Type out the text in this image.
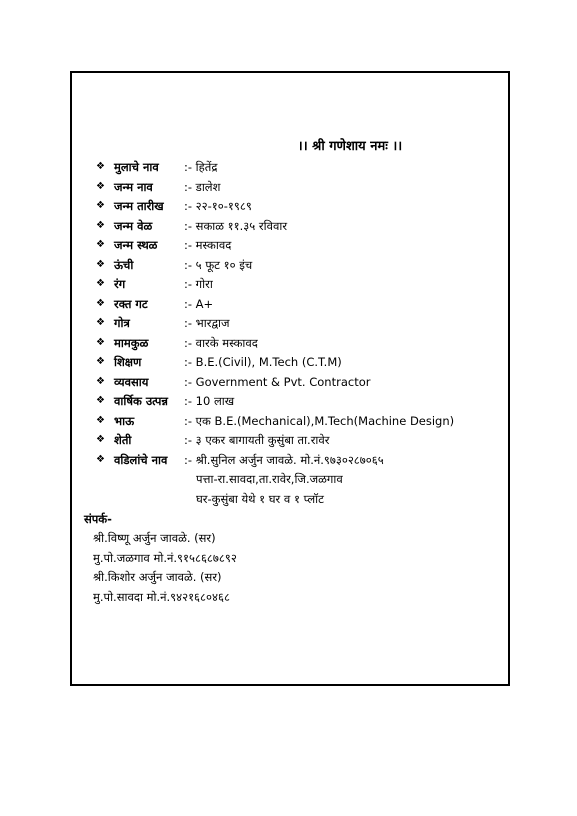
।। श्री गणेशाय नमः ।।
❖ मुलाचे नाव :- हितेंद्र
❖ जन्म नाव	:- डालेश
❖ जन्म तारीख :- २२-१०-१९८९
❖ जन्म वेळ	:- सकाळ ११.३५ रविवार
❖ जन्म स्थळ :- मस्कावद
❖ ऊंची	:- ५ फूट १० इंच
❖ रंग	:- गोरा
❖ रक्त गट	:- A+
❖ गोत्र	:- भारद्वाज
❖ मामकुळ	:- वारके मस्कावद
❖ शिक्षण	:- B.E.(Civil), M.Tech (C.T.M)
❖ व्यवसाय	:- Government & Pvt. Contractor
❖ वार्षिक उत्पन्न :- 10 लाख
❖ भाऊ	:- एक B.E.(Mechanical),M.Tech(Machine Design)
❖ शेती	:- ३ एकर बागायती कुसुंबा ता.रावेर
❖ वडिलांचे नाव :- श्री.सुनिल अर्जुन जावळे. मो.नं.९७३०२८७०६५
पत्ता-रा.सावदा,ता.रावेर,जि.जळगाव
घर-कुसुंबा येथे १ घर व १ प्लॉट
संपर्क-
श्री.विष्णू अर्जुन जावळे. (सर)
मु.पो.जळगाव मो.नं.९१५८६८७८९२
श्री.किशोर अर्जुन जावळे. (सर)
मु.पो.सावदा मो.नं.९४२१६८०४६८
